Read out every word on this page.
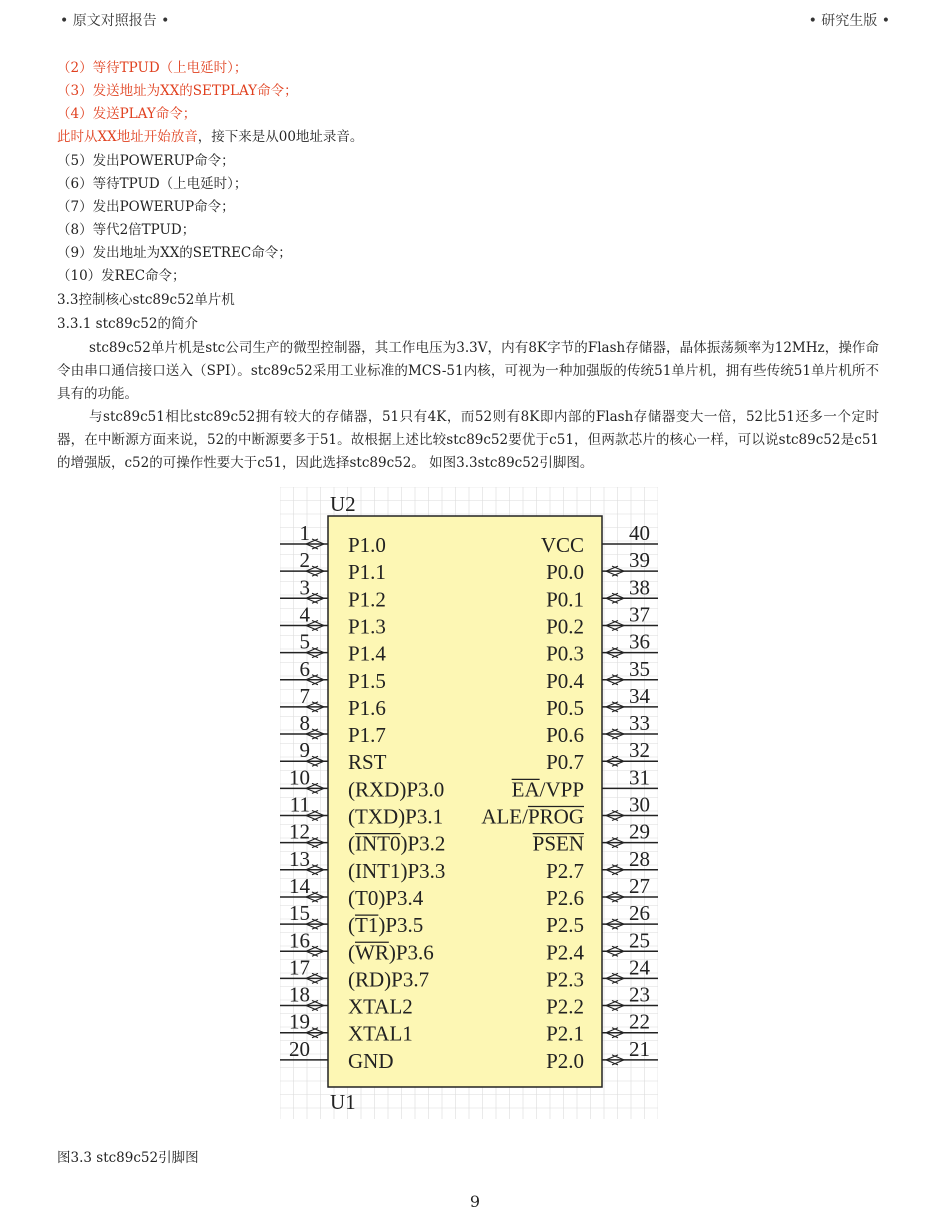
• 原文对照报告 •	• 研究生版 •
（2）等待TPUD（上电延时）；
（3）发送地址为XX的SETPLAY命令；
（4）发送PLAY命令；
此时从XX地址开始放音，接下来是从00地址录音。
（5）发出POWERUP命令；
（6）等待TPUD（上电延时）；
（7）发出POWERUP命令；
（8）等代2倍TPUD；
（9）发出地址为XX的SETREC命令；
（10）发REC命令；
3.3控制核心stc89c52单片机
3.3.1 stc89c52的简介
stc89c52单片机是stc公司生产的微型控制器，其工作电压为3.3V，内有8K字节的Flash存储器，晶体振荡频率为12MHz，操作命令由串口通信接口送入（SPI）。stc89c52采用工业标准的MCS-51内核，可视为一种加强版的传统51单片机，拥有些传统51单片机所不具有的功能。
与stc89c51相比stc89c52拥有较大的存储器，51只有4K，而52则有8K即内部的Flash存储器变大一倍，52比51还多一个定时器，在中断源方面来说，52的中断源要多于51。故根据上述比较stc89c52要优于c51，但两款芯片的核心一样，可以说stc89c52是c51的增强版，c52的可操作性要大于c51，因此选择stc89c52。 如图3.3stc89c52引脚图。
U2
U1
1 P1.0
2 P1.1
3 P1.2
4 P1.3
5 P1.4
6 P1.5
7 P1.6
8 P1.7
9 RST
10 (RXD)P3.0
11 (TXD)P3.1
12 (INT0)P3.2
13 (INT1)P3.3
14 (T0)P3.4
15 (T1)P3.5
16 (WR)P3.6
17 (RD)P3.7
18 XTAL2
19
XTAL1
20 GND
40
VCC
39
P0.0
38
P0.1
37
P0.2
36
P0.3
35
P0.4
34
P0.5
33
P0.6
32
P0.7
31
EA/VPP
30
ALE/PROG
29
PSEN
28
P2.7
27
P2.6
26
P2.5
25
P2.4
24
P2.3
23
P2.2
22
P2.1
21
P2.0
图3.3 stc89c52引脚图
9
